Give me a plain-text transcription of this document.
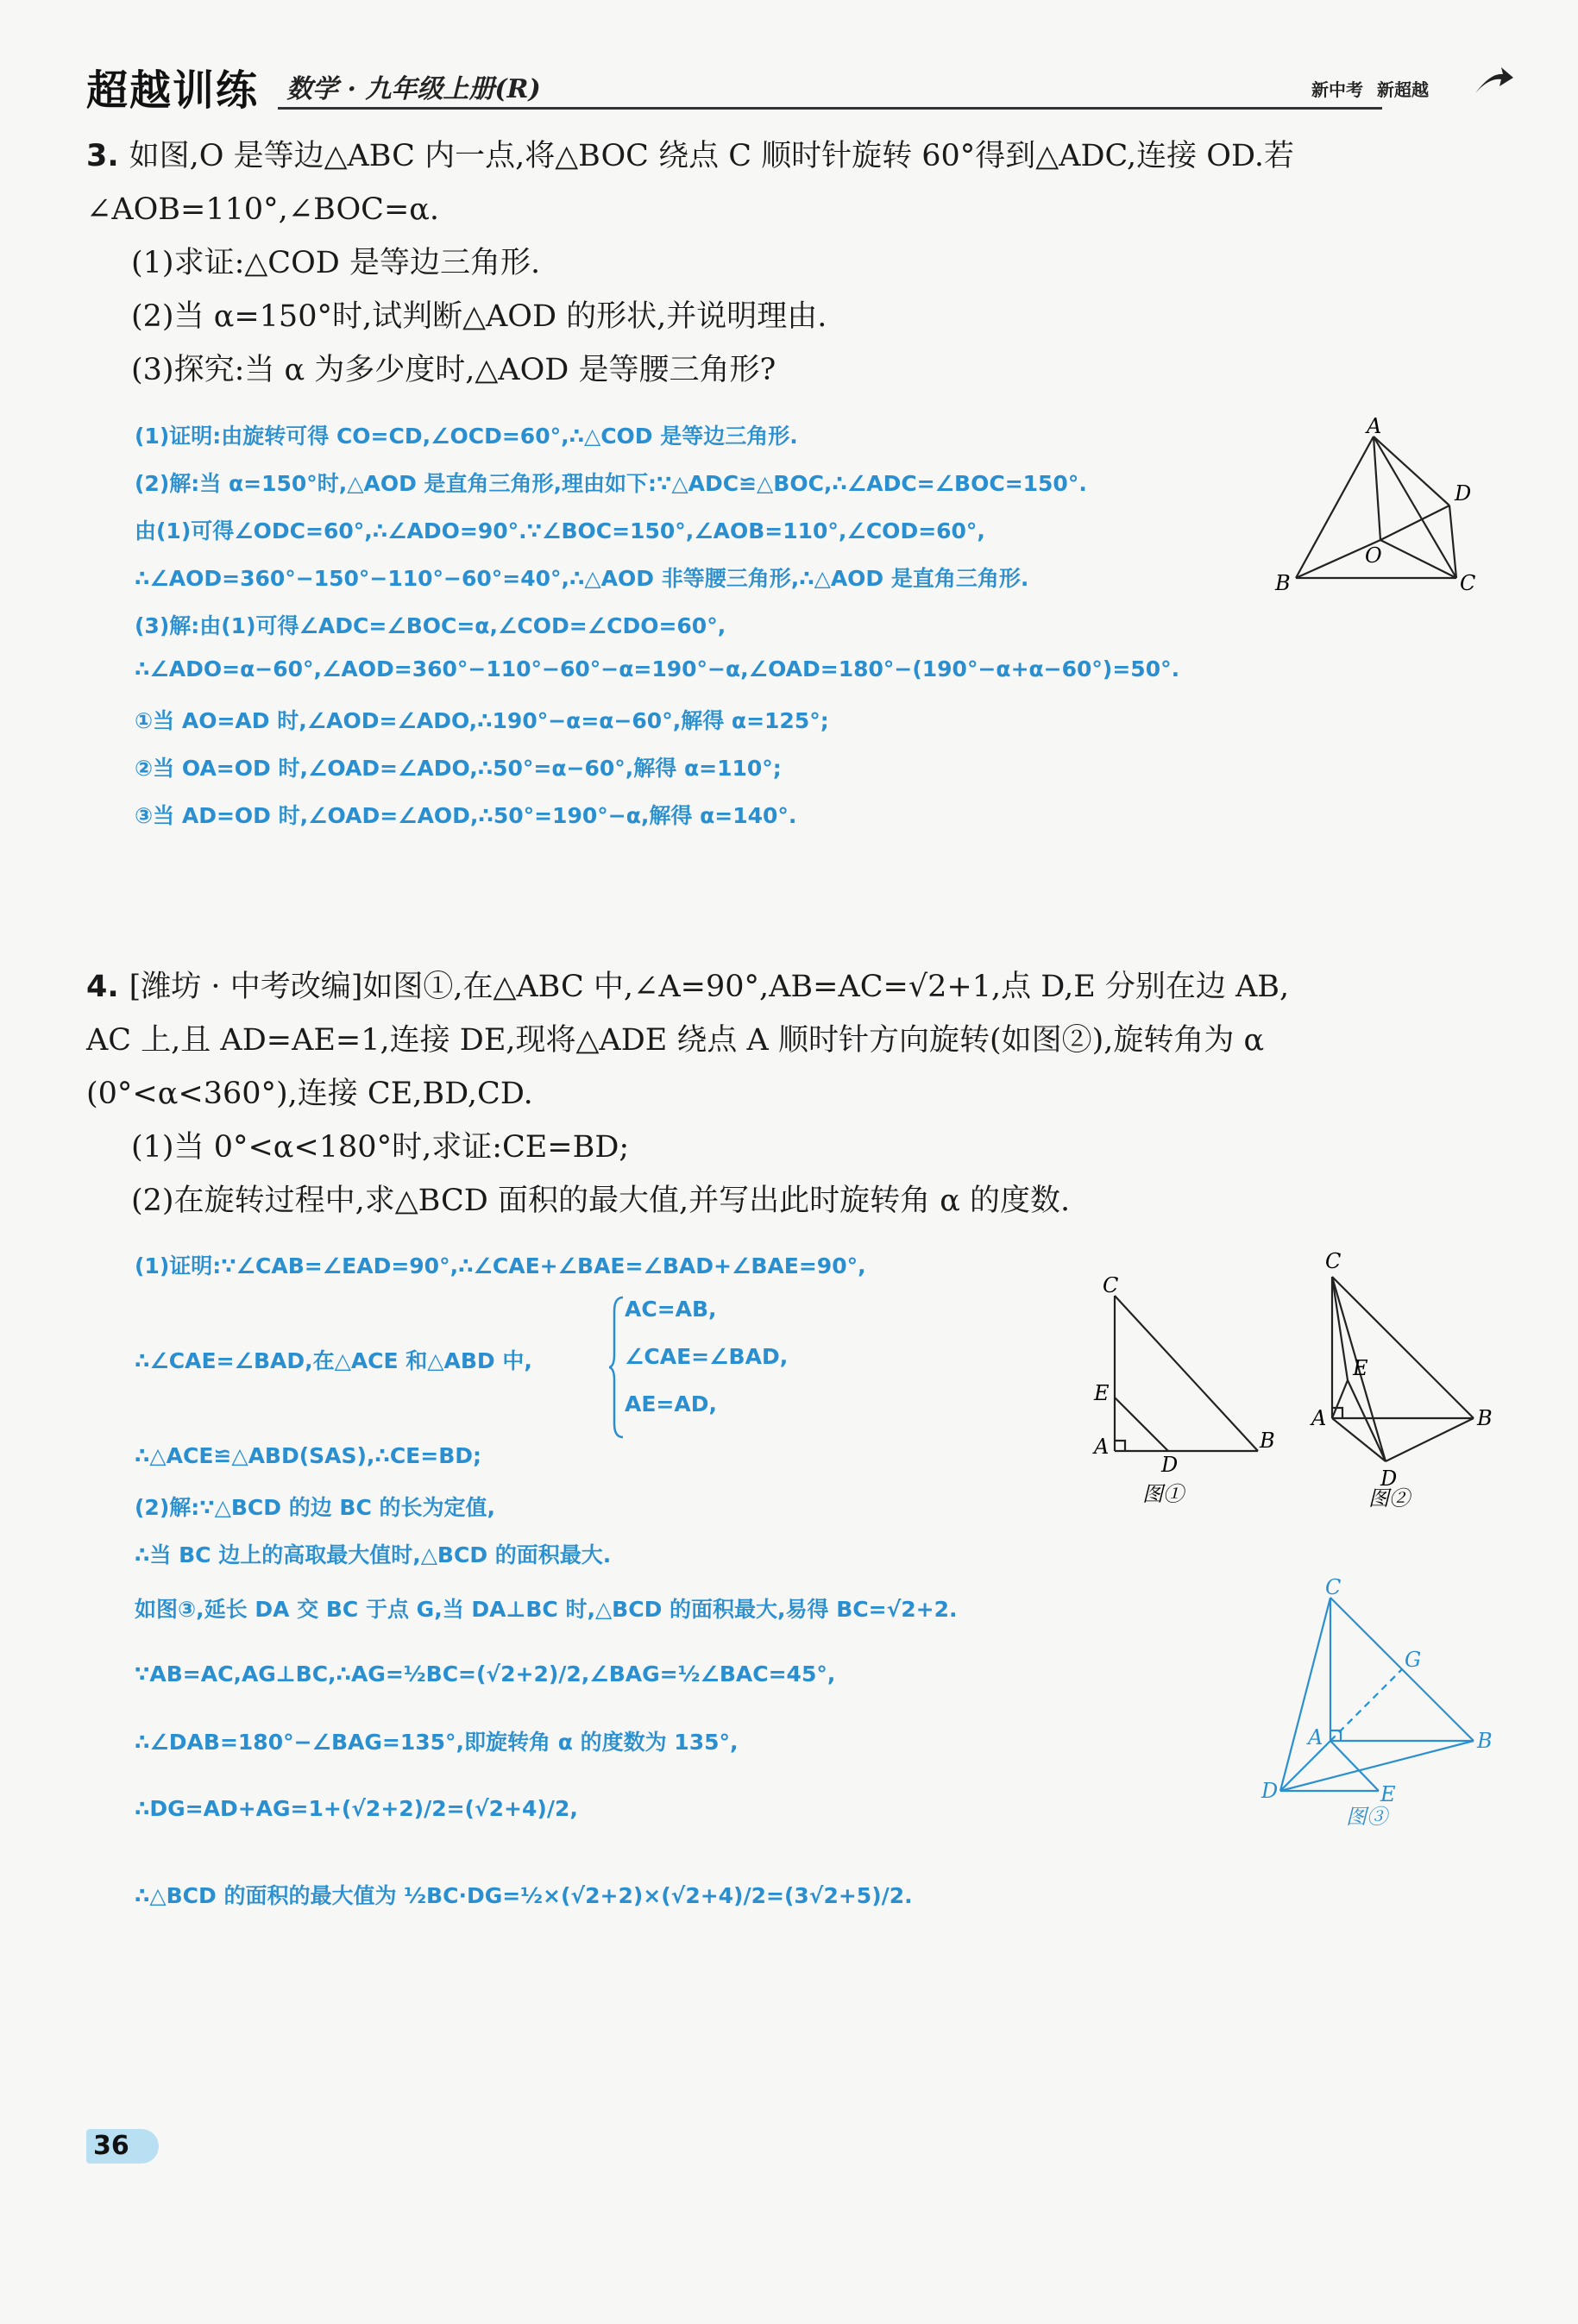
超越训练 数学 · 九年级上册(R)	新中考 新超越
3. 如图,O 是等边△ABC 内一点,将△BOC 绕点 C 顺时针旋转 60°得到△ADC,连接 OD.若
∠AOB=110°,∠BOC=α.
(1)求证:△COD 是等边三角形.
(2)当 α=150°时,试判断△AOD 的形状,并说明理由.
(3)探究:当 α 为多少度时,△AOD 是等腰三角形?
(1)证明:由旋转可得 CO=CD,∠OCD=60°,∴△COD 是等边三角形.
(2)解:当 α=150°时,△AOD 是直角三角形,理由如下:∵△ADC≌△BOC,∴∠ADC=∠BOC=150°.
由(1)可得∠ODC=60°,∴∠ADO=90°.∵∠BOC=150°,∠AOB=110°,∠COD=60°,
∴∠AOD=360°−150°−110°−60°=40°,∴△AOD 非等腰三角形,∴△AOD 是直角三角形.
(3)解:由(1)可得∠ADC=∠BOC=α,∠COD=∠CDO=60°,
∴∠ADO=α−60°,∠AOD=360°−110°−60°−α=190°−α,∠OAD=180°−(190°−α+α−60°)=50°.
①当 AO=AD 时,∠AOD=∠ADO,∴190°−α=α−60°,解得 α=125°;
②当 OA=OD 时,∠OAD=∠ADO,∴50°=α−60°,解得 α=110°;
③当 AD=OD 时,∠OAD=∠AOD,∴50°=190°−α,解得 α=140°.
A
B	C
D
O
4. [潍坊 · 中考改编]如图①,在△ABC 中,∠A=90°,AB=AC=√2+1,点 D,E 分别在边 AB,
AC 上,且 AD=AE=1,连接 DE,现将△ADE 绕点 A 顺时针方向旋转(如图②),旋转角为 α
(0°<α<360°),连接 CE,BD,CD.
(1)当 0°<α<180°时,求证:CE=BD;
(2)在旋转过程中,求△BCD 面积的最大值,并写出此时旋转角 α 的度数.
(1)证明:∵∠CAB=∠EAD=90°,∴∠CAE+∠BAE=∠BAD+∠BAE=90°,
∴∠CAE=∠BAD,在△ACE 和△ABD 中,
AC=AB,
∠CAE=∠BAD,
AE=AD,
∴△ACE≌△ABD(SAS),∴CE=BD;
(2)解:∵△BCD 的边 BC 的长为定值,
∴当 BC 边上的高取最大值时,△BCD 的面积最大.
如图③,延长 DA 交 BC 于点 G,当 DA⊥BC 时,△BCD 的面积最大,易得 BC=√2+2.
∵AB=AC,AG⊥BC,∴AG=½BC=(√2+2)/2,∠BAG=½∠BAC=45°,
∴∠DAB=180°−∠BAG=135°,即旋转角 α 的度数为 135°,
∴DG=AD+AG=1+(√2+2)/2=(√2+4)/2,
∴△BCD 的面积的最大值为 ½BC·DG=½×(√2+2)×(√2+4)/2=(3√2+5)/2.
C
E
A
D
B
图①
C
E
A	B
D
图②
C
G
A	B
D	E
图③
36
